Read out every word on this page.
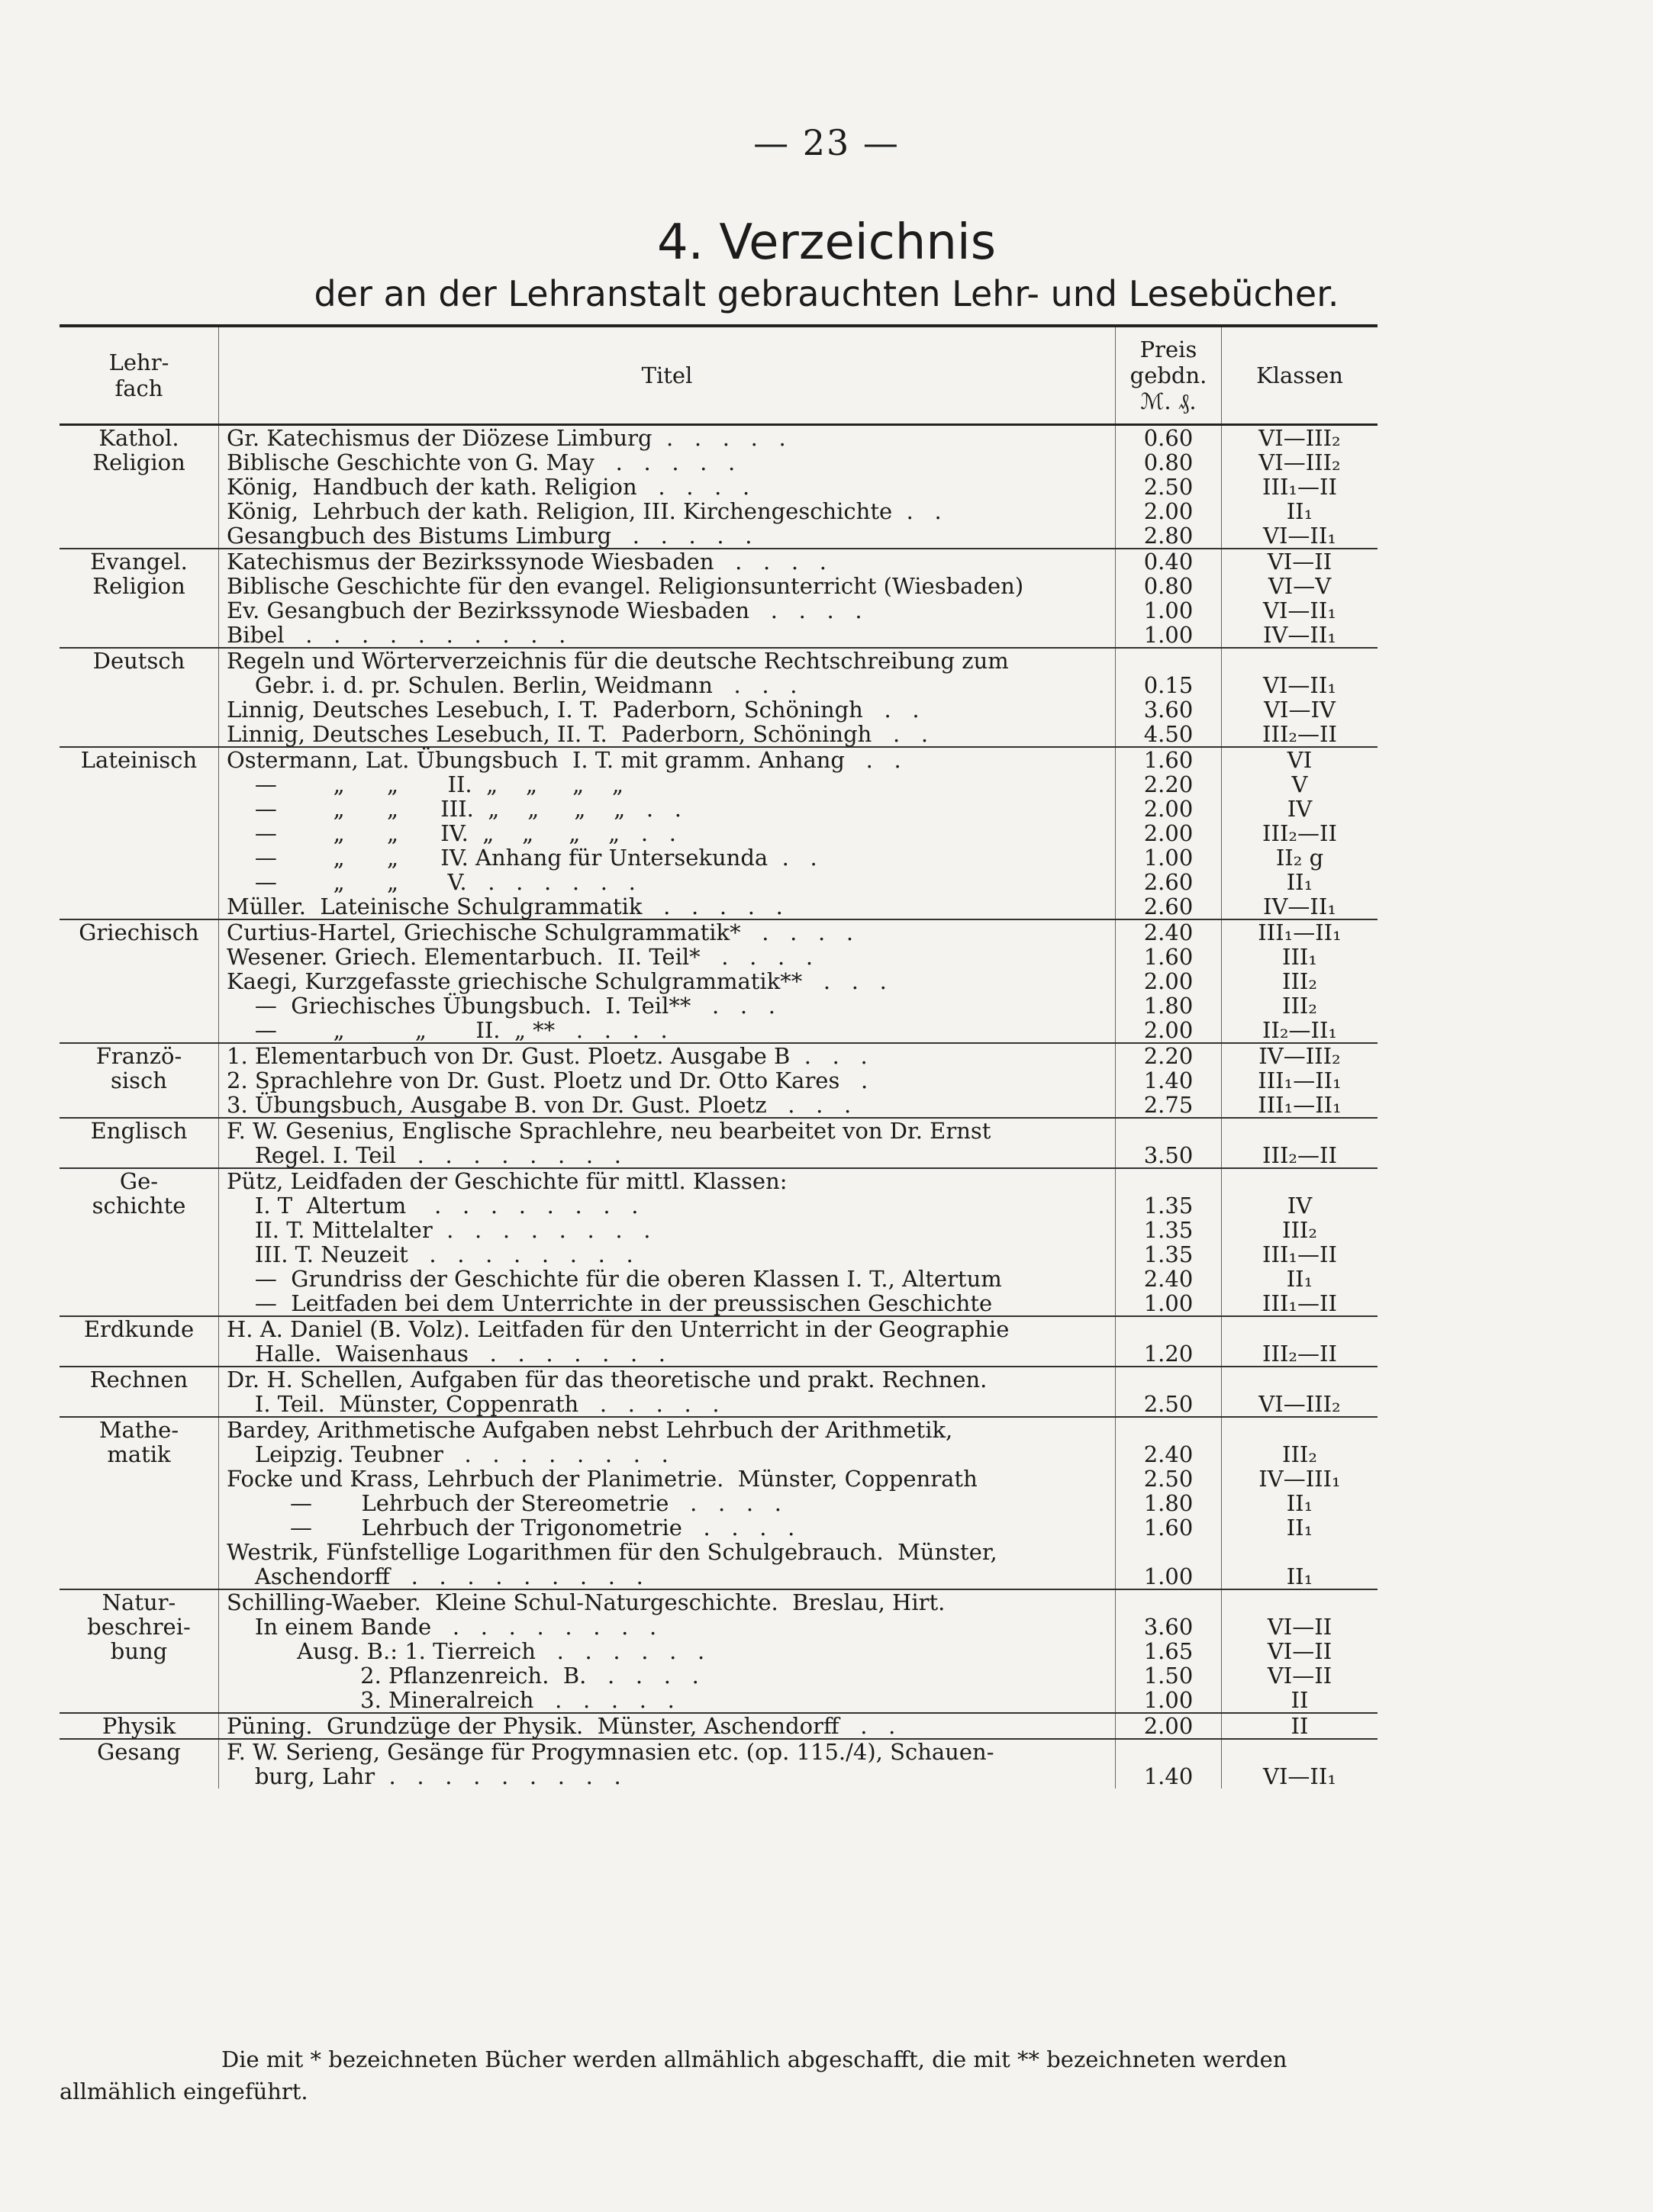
— 23 —
4. Verzeichnis
der an der Lehranstalt gebrauchten Lehr- und Lesebücher.
Lehr-
fach	Titel	Preis
gebdn.
ℳ. ₰.	Klassen

Kathol.
Religion	Gr. Katechismus der Diözese Limburg  .   .   .   .   .	0.60	VI—III₂
	Biblische Geschichte von G. May   .   .   .   .   .	0.80	VI—III₂
	König,  Handbuch der kath. Religion   .   .   .   .	2.50	III₁—II
	König,  Lehrbuch der kath. Religion, III. Kirchengeschichte  .   .	2.00	II₁
	Gesangbuch des Bistums Limburg   .   .   .   .   .	2.80	VI—II₁

Evangel.
Religion	Katechismus der Bezirkssynode Wiesbaden   .   .   .   .	0.40	VI—II
	Biblische Geschichte für den evangel. Religionsunterricht (Wiesbaden)	0.80	VI—V
	Ev. Gesangbuch der Bezirkssynode Wiesbaden   .   .   .   .	1.00	VI—II₁
	Bibel   .   .   .   .   .   .   .   .   .   .	1.00	IV—II₁

Deutsch	Regeln und Wörterverzeichnis für die deutsche Rechtschreibung zum		
	Gebr. i. d. pr. Schulen. Berlin, Weidmann   .   .   .	0.15	VI—II₁
	Linnig, Deutsches Lesebuch, I. T.  Paderborn, Schöningh   .   .	3.60	VI—IV
	Linnig, Deutsches Lesebuch, II. T.  Paderborn, Schöningh   .   .	4.50	III₂—II

Lateinisch	Ostermann, Lat. Übungsbuch  I. T. mit gramm. Anhang   .   .	1.60	VI
	—        „      „       II.  „    „     „    „	2.20	V
	—        „      „      III.  „    „     „    „   .   .	2.00	IV
	—        „      „      IV.  „    „     „    „   .   .	2.00	III₂—II
	—        „      „      IV. Anhang für Untersekunda  .   .	1.00	II₂ g
	—        „      „       V.   .   .   .   .   .   .	2.60	II₁
	Müller.  Lateinische Schulgrammatik   .   .   .   .   .	2.60	IV—II₁

Griechisch	Curtius-Hartel, Griechische Schulgrammatik*   .   .   .   .	2.40	III₁—II₁
	Wesener. Griech. Elementarbuch.  II. Teil*   .   .   .   .	1.60	III₁
	Kaegi, Kurzgefasste griechische Schulgrammatik**   .   .   .	2.00	III₂
	—  Griechisches Übungsbuch.  I. Teil**   .   .   .	1.80	III₂
	—        „          „       II.  „ **   .   .   .   .	2.00	II₂—II₁

Franzö-
sisch	1. Elementarbuch von Dr. Gust. Ploetz. Ausgabe B  .   .   .	2.20	IV—III₂
	2. Sprachlehre von Dr. Gust. Ploetz und Dr. Otto Kares   .	1.40	III₁—II₁
	3. Übungsbuch, Ausgabe B. von Dr. Gust. Ploetz   .   .   .	2.75	III₁—II₁

Englisch	F. W. Gesenius, Englische Sprachlehre, neu bearbeitet von Dr. Ernst		
	Regel. I. Teil   .   .   .   .   .   .   .   .	3.50	III₂—II

Ge-
schichte	Pütz, Leidfaden der Geschichte für mittl. Klassen:		
	I. T  Altertum    .   .   .   .   .   .   .   .	1.35	IV
	II. T. Mittelalter  .   .   .   .   .   .   .   .	1.35	III₂
	III. T. Neuzeit   .   .   .   .   .   .   .   .	1.35	III₁—II
	—  Grundriss der Geschichte für die oberen Klassen I. T., Altertum	2.40	II₁
	—  Leitfaden bei dem Unterrichte in der preussischen Geschichte	1.00	III₁—II

Erdkunde	H. A. Daniel (B. Volz). Leitfaden für den Unterricht in der Geographie		
	Halle.  Waisenhaus   .   .   .   .   .   .   .	1.20	III₂—II

Rechnen	Dr. H. Schellen, Aufgaben für das theoretische und prakt. Rechnen.		
	I. Teil.  Münster, Coppenrath   .   .   .   .   .	2.50	VI—III₂

Mathe-
matik	Bardey, Arithmetische Aufgaben nebst Lehrbuch der Arithmetik,		
	Leipzig. Teubner   .   .   .   .   .   .   .   .	2.40	III₂
	Focke und Krass, Lehrbuch der Planimetrie.  Münster, Coppenrath	2.50	IV—III₁
	—       Lehrbuch der Stereometrie   .   .   .   .	1.80	II₁
	—       Lehrbuch der Trigonometrie   .   .   .   .	1.60	II₁
	Westrik, Fünfstellige Logarithmen für den Schulgebrauch.  Münster,		
	Aschendorff   .   .   .   .   .   .   .   .   .	1.00	II₁

Natur-
beschrei-
bung	Schilling-Waeber.  Kleine Schul-Naturgeschichte.  Breslau, Hirt.		
	In einem Bande   .   .   .   .   .   .   .   .	3.60	VI—II
	Ausg. B.: 1. Tierreich   .   .   .   .   .   .	1.65	VI—II
	2. Pflanzenreich.  B.   .   .   .   .	1.50	VI—II
	3. Mineralreich   .   .   .   .   .	1.00	II

Physik	Püning.  Grundzüge der Physik.  Münster, Aschendorff   .   .	2.00	II

Gesang	F. W. Serieng, Gesänge für Progymnasien etc. (op. 115./4), Schauen-		
	burg, Lahr  .   .   .   .   .   .   .   .   .	1.40	VI—II₁
Die mit * bezeichneten Bücher werden allmählich abgeschafft, die mit ** bezeichneten werden allmählich eingeführt.
